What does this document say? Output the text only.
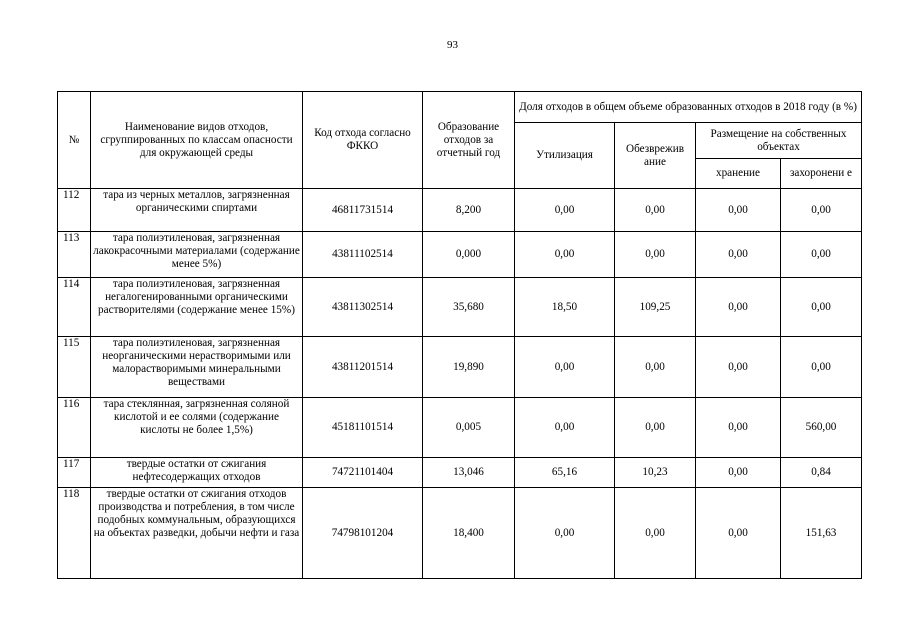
93
№	Наименование видов отходов, сгруппированных по классам опасности для окружающей среды	Код отхода согласно ФККО	Образование отходов за отчетный год	Доля отходов в общем объеме образованных отходов в 2018 году (в %)			
				Утилизация	Обезврежив ание	Размещение на собственных объектах	
						хранение	захоронени е
112	тара из черных металлов, загрязненная органическими спиртами	46811731514	8,200	0,00	0,00	0,00	0,00
113	тара полиэтиленовая, загрязненная лакокрасочными материалами (содержание менее 5%)	43811102514	0,000	0,00	0,00	0,00	0,00
114	тара полиэтиленовая, загрязненная негалогенированными органическими растворителями (содержание менее 15%)	43811302514	35,680	18,50	109,25	0,00	0,00
115	тара полиэтиленовая, загрязненная неорганическими нерастворимыми или малорастворимыми минеральными веществами	43811201514	19,890	0,00	0,00	0,00	0,00
116	тара стеклянная, загрязненная соляной кислотой и ее солями (содержание кислоты не более 1,5%)	45181101514	0,005	0,00	0,00	0,00	560,00
117	твердые остатки от сжигания нефтесодержащих отходов	74721101404	13,046	65,16	10,23	0,00	0,84
118	твердые остатки от сжигания отходов производства и потребления, в том числе подобных коммунальным, образующихся на объектах разведки, добычи нефти и газа	74798101204	18,400	0,00	0,00	0,00	151,63
